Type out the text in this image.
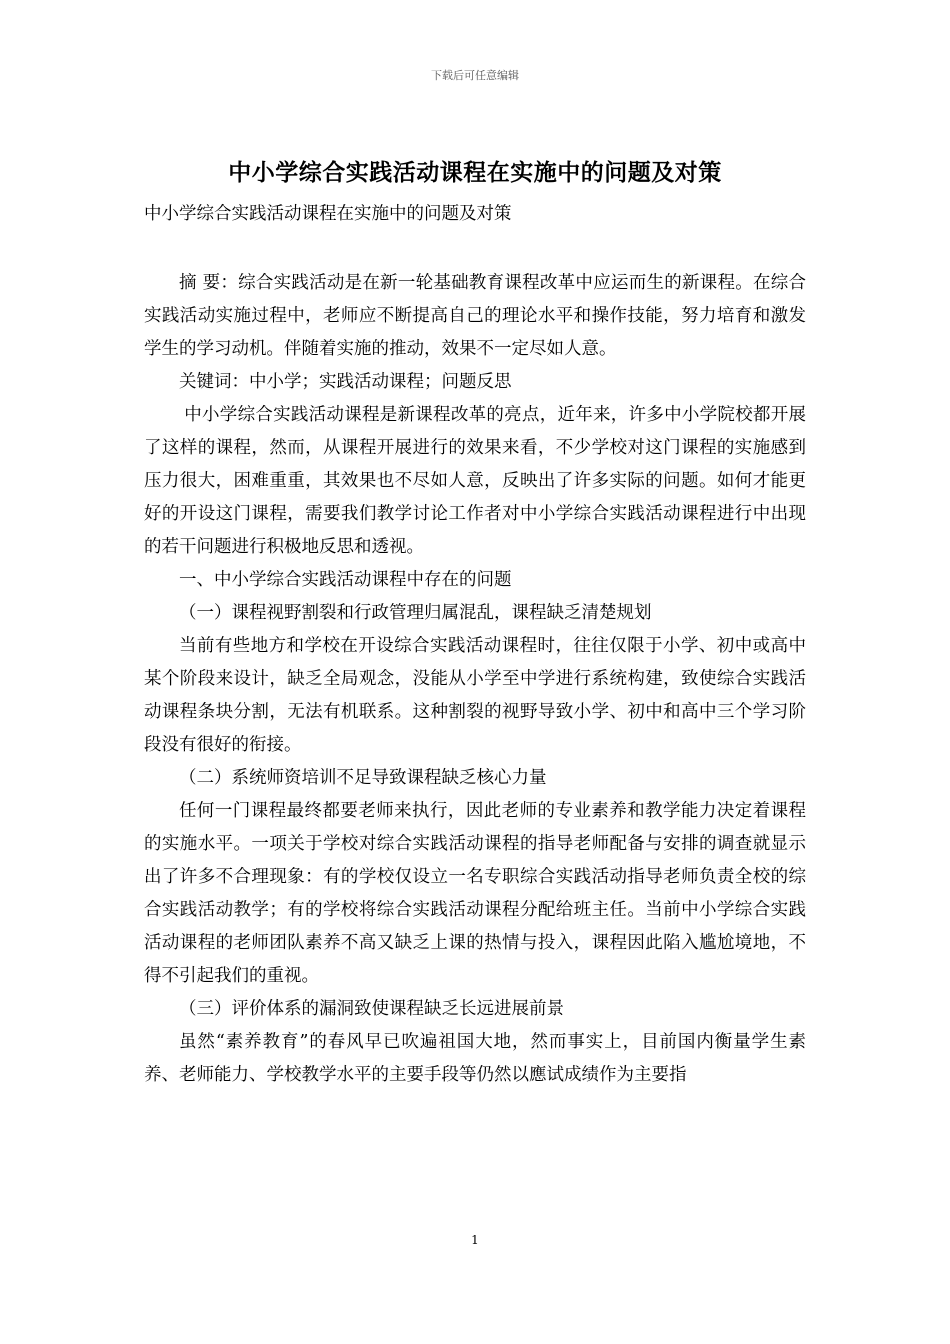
下载后可任意编辑
中小学综合实践活动课程在实施中的问题及对策

中小学综合实践活动课程在实施中的问题及对策

摘 要：综合实践活动是在新一轮基础教育课程改革中应运而生的新课程。在综合实践活动实施过程中，老师应不断提高自己的理论水平和操作技能，努力培育和激发学生的学习动机。伴随着实施的推动，效果不一定尽如人意。

关键词：中小学；实践活动课程；问题反思

中小学综合实践活动课程是新课程改革的亮点，近年来，许多中小学院校都开展了这样的课程，然而，从课程开展进行的效果来看，不少学校对这门课程的实施感到压力很大，困难重重，其效果也不尽如人意，反映出了许多实际的问题。如何才能更好的开设这门课程，需要我们教学讨论工作者对中小学综合实践活动课程进行中出现的若干问题进行积极地反思和透视。

一、中小学综合实践活动课程中存在的问题

（一）课程视野割裂和行政管理归属混乱，课程缺乏清楚规划

当前有些地方和学校在开设综合实践活动课程时，往往仅限于小学、初中或高中某个阶段来设计，缺乏全局观念，没能从小学至中学进行系统构建，致使综合实践活动课程条块分割，无法有机联系。这种割裂的视野导致小学、初中和高中三个学习阶段没有很好的衔接。

（二）系统师资培训不足导致课程缺乏核心力量

任何一门课程最终都要老师来执行，因此老师的专业素养和教学能力决定着课程的实施水平。一项关于学校对综合实践活动课程的指导老师配备与安排的调查就显示出了许多不合理现象：有的学校仅设立一名专职综合实践活动指导老师负责全校的综合实践活动教学；有的学校将综合实践活动课程分配给班主任。当前中小学综合实践活动课程的老师团队素养不高又缺乏上课的热情与投入，课程因此陷入尴尬境地，不得不引起我们的重视。

（三）评价体系的漏洞致使课程缺乏长远进展前景

虽然“素养教育”的春风早已吹遍祖国大地，然而事实上，目前国内衡量学生素养、老师能力、学校教学水平的主要手段等仍然以應试成绩作为主要指

1
